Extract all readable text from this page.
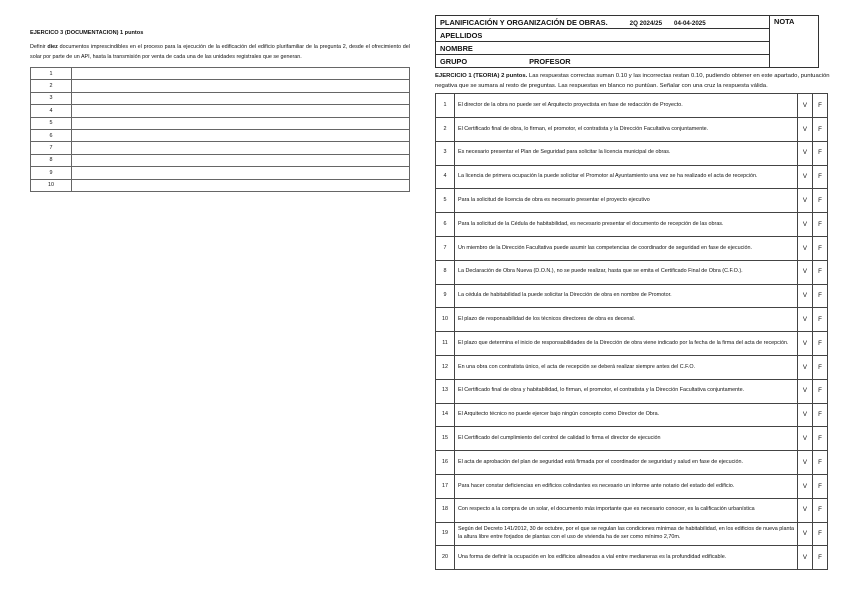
EJERCICO 3 (DOCUMENTACION) 1 puntos
Definir diez documentos imprescindibles en el proceso para la ejecución de la edificación del edificio plurifamiliar de la pregunta 2, desde el ofrecimiento del solar por parte de un API, hasta la transmisión por venta de cada una de las unidades registrales que se generan.
1	
2	
3	
4	
5	
6	
7	
8	
9	
10	
PLANIFICACIÓN Y ORGANIZACIÓN DE OBRAS.	2Q 2024/25 04-04-2025	NOTA
APELLIDOS
NOMBRE
GRUPO	PROFESOR
EJERCICIO 1 (TEORIA) 2 puntos. Las respuestas correctas suman 0.10 y las incorrectas restan 0.10, pudiendo obtener en este apartado, puntuación negativa que se sumara al resto de preguntas. Las respuestas en blanco no puntúan. Señalar con una cruz la respuesta válida.
1	El director de la obra no puede ser el Arquitecto proyectista en fase de redacción de Proyecto.	V	F
2	El Certificado final de obra, lo firman, el promotor, el contratista y la Dirección Facultativa conjuntamente.	V	F
3	Es necesario presentar el Plan de Seguridad para solicitar la licencia municipal de obras.	V	F
4	La licencia de primera ocupación la puede solicitar el Promotor al Ayuntamiento una vez se ha realizado el acta de recepción.	V	F
5	Para la solicitud de licencia de obra es necesario presentar el proyecto ejecutivo	V	F
6	Para la solicitud de la Cédula de habitabilidad, es necesario presentar el documento de recepción de las obras.	V	F
7	Un miembro de la Dirección Facultativa puede asumir las competencias de coordinador de seguridad en fase de ejecución.	V	F
8	La Declaración de Obra Nueva (D.O.N.), no se puede realizar, hasta que se emita el Certificado Final de Obra (C.F.O.).	V	F
9	La cédula de habitabilidad la puede solicitar la Dirección de obra en nombre de Promotor.	V	F
10	El plazo de responsabilidad de los técnicos directores de obra es decenal.	V	F
11	El plazo que determina el inicio de responsabilidades de la Dirección de obra viene indicado por la fecha de la firma del acta de recepción.	V	F
12	En una obra con contratista único, el acta de recepción se deberá realizar siempre antes del C.F.O.	V	F
13	El Certificado final de obra y habitabilidad, lo firman, el promotor, el contratista y la Dirección Facultativa conjuntamente.	V	F
14	El Arquitecto técnico no puede ejercer bajo ningún concepto como Director de Obra.	V	F
15	El Certificado del cumplimiento del control de calidad lo firma el director de ejecución	V	F
16	El acta de aprobación del plan de seguridad está firmada por el coordinador de seguridad y salud en fase de ejecución.	V	F
17	Para hacer constar deficiencias en edificios colindantes es necesario un informe ante notario del estado del edificio.	V	F
18	Con respecto a la compra de un solar, el documento más importante que es necesario conocer, es la calificación urbanística	V	F
19	Según del Decreto 141/2012, 30 de octubre, por el que se regulan las condiciones mínimas de habitabilidad, en los edificios de nueva planta la altura libre entre forjados de plantas con el uso de vivienda ha de ser como mínimo 2,70m.	V	F
20	Una forma de definir la ocupación en los edificios alineados a vial entre medianeras es la profundidad edificable.	V	F
